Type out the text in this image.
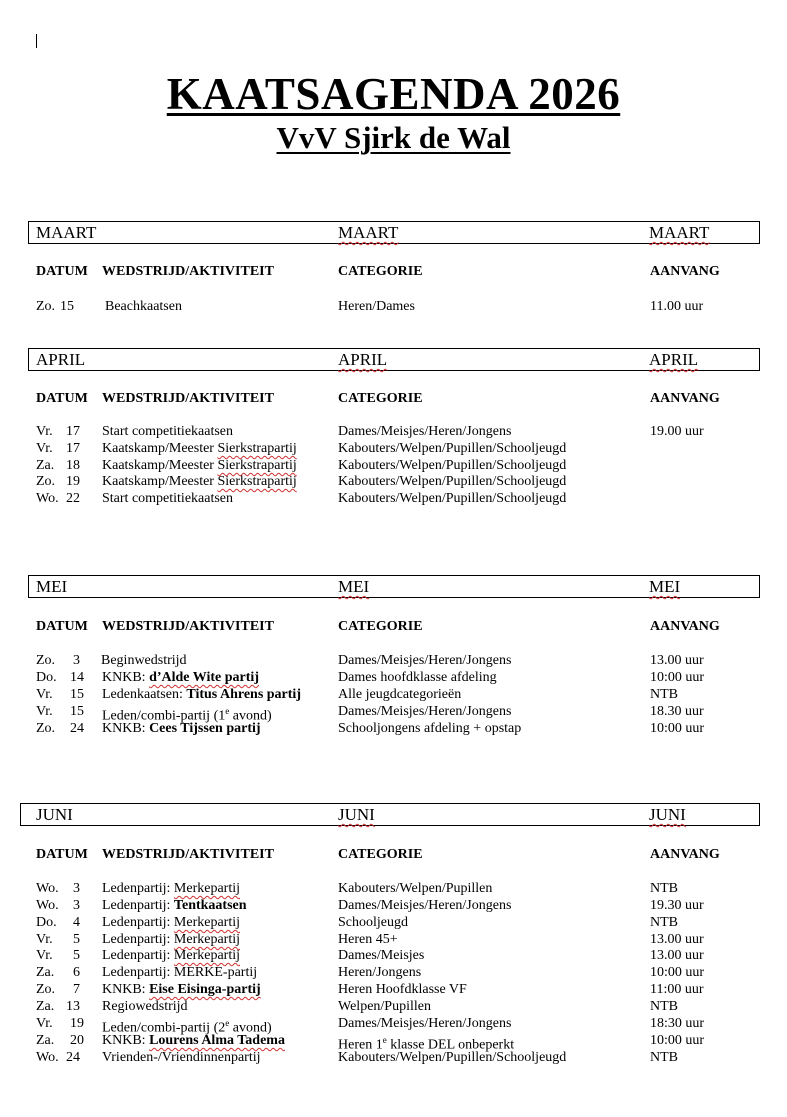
KAATSAGENDA 2026
VvV Sjirk de Wal
MAART	MAART	MAART
DATUM WEDSTRIJD/AKTIVITEIT	CATEGORIE	AANVANG
Zo. 15 Beachkaatsen	Heren/Dames	11.00 uur
APRIL	APRIL	APRIL
DATUM WEDSTRIJD/AKTIVITEIT	CATEGORIE	AANVANG
Vr. 17 Start competitiekaatsen	Dames/Meisjes/Heren/Jongens	19.00 uur
Vr. 17 Kaatskamp/Meester Sierkstrapartij	Kabouters/Welpen/Pupillen/Schooljeugd
Za. 18 Kaatskamp/Meester Sierkstrapartij	Kabouters/Welpen/Pupillen/Schooljeugd
Zo. 19 Kaatskamp/Meester Sierkstrapartij	Kabouters/Welpen/Pupillen/Schooljeugd
Wo. 22 Start competitiekaatsen	Kabouters/Welpen/Pupillen/Schooljeugd
MEI	MEI	MEI
DATUM WEDSTRIJD/AKTIVITEIT	CATEGORIE	AANVANG
Zo.	3 Beginwedstrijd	Dames/Meisjes/Heren/Jongens	13.00 uur
Do. 14 KNKB: d’Alde Wite partij	Dames hoofdklasse afdeling	10:00 uur
Vr.	15 Ledenkaatsen: Titus Ahrens partij	Alle jeugdcategorieën	NTB
Vr.	15 Leden/combi-partij (1e avond)	Dames/Meisjes/Heren/Jongens	18.30 uur
Zo.	24 KNKB: Cees Tijssen partij	Schooljongens afdeling + opstap	10:00 uur
JUNI	JUNI	JUNI
DATUM WEDSTRIJD/AKTIVITEIT	CATEGORIE	AANVANG
Wo.	3 Ledenpartij: Merkepartij	Kabouters/Welpen/Pupillen	NTB
Wo.	3 Ledenpartij: Tentkaatsen	Dames/Meisjes/Heren/Jongens	19.30 uur
Do.	4 Ledenpartij: Merkepartij	Schooljeugd	NTB
Vr.	5 Ledenpartij: Merkepartij	Heren 45+	13.00 uur
Vr.	5 Ledenpartij: Merkepartij	Dames/Meisjes	13.00 uur
Za.	6 Ledenpartij: MERKE-partij	Heren/Jongens	10:00 uur
Zo.	7 KNKB: Eise Eisinga-partij	Heren Hoofdklasse VF	11:00 uur
Za. 13 Regiowedstrijd	Welpen/Pupillen	NTB
Vr.	19 Leden/combi-partij (2e avond)	Dames/Meisjes/Heren/Jongens	18:30 uur
Za.	20 KNKB: Lourens Alma Tadema	Heren 1e klasse DEL onbeperkt	10:00 uur
Wo. 24 Vrienden-/Vriendinnenpartij	Kabouters/Welpen/Pupillen/Schooljeugd	NTB
